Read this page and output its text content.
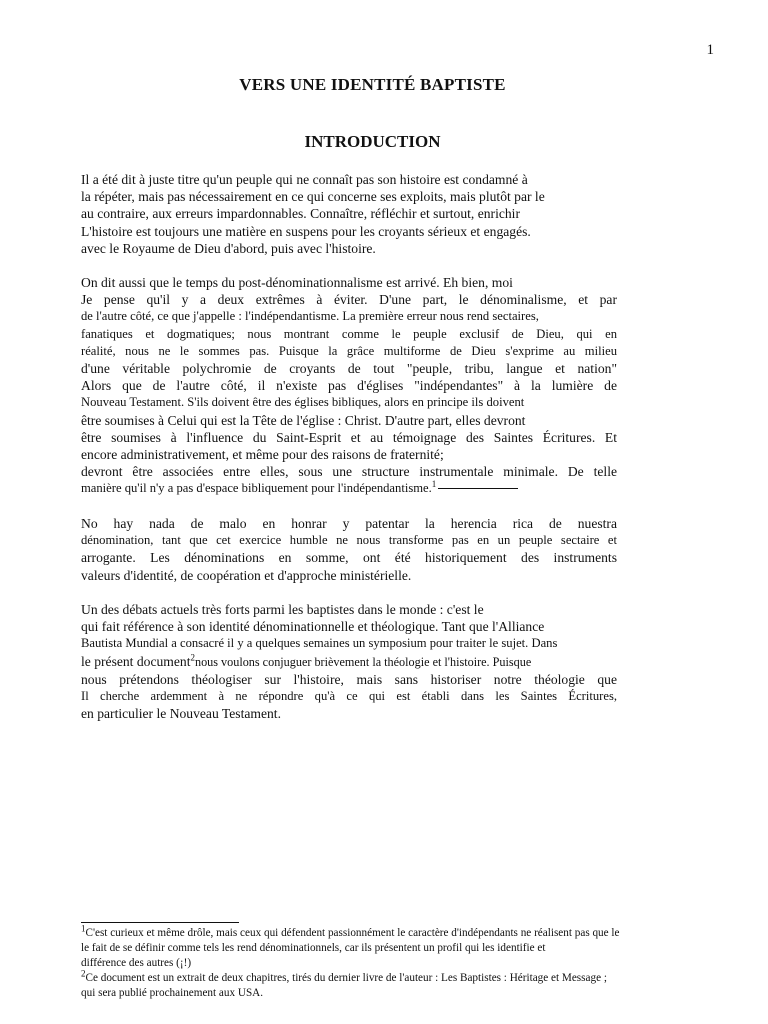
1
VERS UNE IDENTITÉ BAPTISTE
INTRODUCTION
Il a été dit à juste titre qu'un peuple qui ne connaît pas son histoire est condamné à
la répéter, mais pas nécessairement en ce qui concerne ses exploits, mais plutôt par le
au contraire, aux erreurs impardonnables. Connaître, réfléchir et surtout, enrichir
L'histoire est toujours une matière en suspens pour les croyants sérieux et engagés.
avec le Royaume de Dieu d'abord, puis avec l'histoire.
On dit aussi que le temps du post-dénominationnalisme est arrivé. Eh bien, moi
Je pense qu'il y a deux extrêmes à éviter. D'une part, le dénominalisme, et par
de l'autre côté, ce que j'appelle : l'indépendantisme. La première erreur nous rend sectaires,
fanatiques et dogmatiques; nous montrant comme le peuple exclusif de Dieu, qui en
réalité, nous ne le sommes pas. Puisque la grâce multiforme de Dieu s'exprime au milieu
d'une véritable polychromie de croyants de tout "peuple, tribu, langue et nation"
Alors que de l'autre côté, il n'existe pas d'églises "indépendantes" à la lumière de
Nouveau Testament. S'ils doivent être des églises bibliques, alors en principe ils doivent
être soumises à Celui qui est la Tête de l'église : Christ. D'autre part, elles devront
être soumises à l'influence du Saint-Esprit et au témoignage des Saintes Écritures. Et
encore administrativement, et même pour des raisons de fraternité;
devront être associées entre elles, sous une structure instrumentale minimale. De telle
manière qu'il n'y a pas d'espace bibliquement pour l'indépendantisme.$^1$
No hay nada de malo en honrar y patentar la herencia rica de nuestra
dénomination, tant que cet exercice humble ne nous transforme pas en un peuple sectaire et
arrogante. Les dénominations en somme, ont été historiquement des instruments
valeurs d'identité, de coopération et d'approche ministérielle.
Un des débats actuels très forts parmi les baptistes dans le monde : c'est le
qui fait référence à son identité dénominationnelle et théologique. Tant que l'Alliance
Bautista Mundial a consacré il y a quelques semaines un symposium pour traiter le sujet. Dans
le présent document$^2$nous voulons conjuguer brièvement la théologie et l'histoire. Puisque
nous prétendons théologiser sur l'histoire, mais sans historiser notre théologie que
Il cherche ardemment à ne répondre qu'à ce qui est établi dans les Saintes Écritures,
en particulier le Nouveau Testament.
$^1$C'est curieux et même drôle, mais ceux qui défendent passionnément le caractère d'indépendants ne réalisent pas que le
le fait de se définir comme tels les rend dénominationnels, car ils présentent un profil qui les identifie et
différence des autres (¡!)
$^2$Ce document est un extrait de deux chapitres, tirés du dernier livre de l'auteur : Les Baptistes : Héritage et Message ;
qui sera publié prochainement aux USA.
